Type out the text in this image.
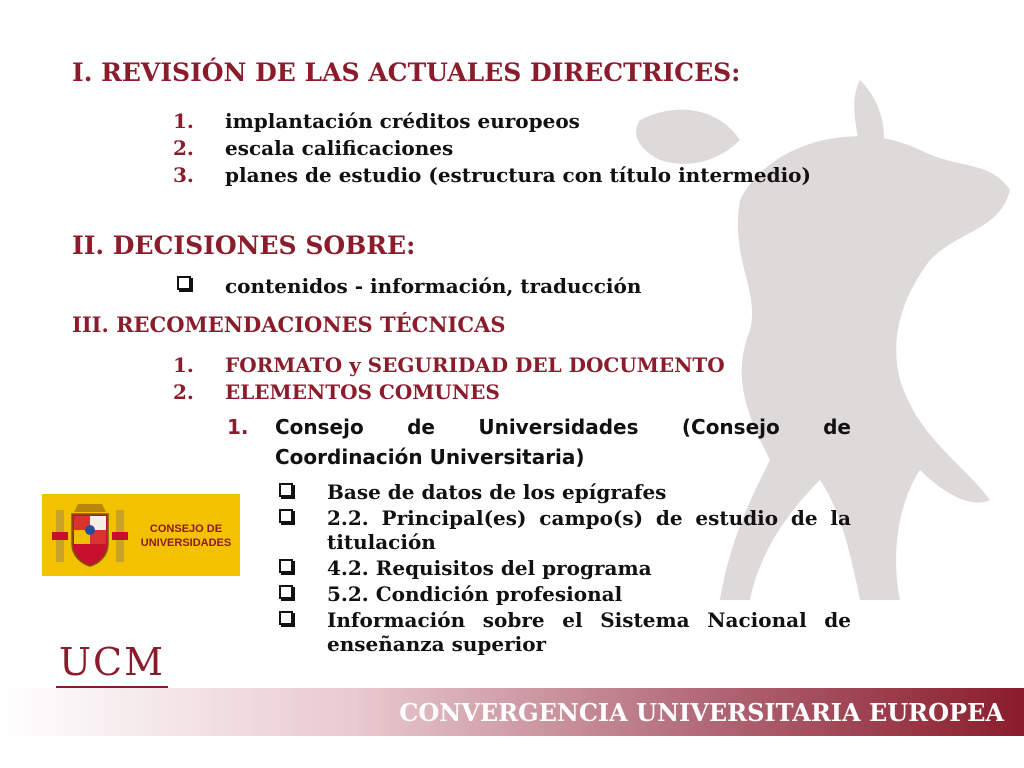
I. REVISIÓN DE LAS ACTUALES DIRECTRICES:
1. implantación créditos europeos
2. escala calificaciones
3. planes de estudio (estructura con título intermedio)
II. DECISIONES SOBRE:
contenidos - información, traducción
III. RECOMENDACIONES TÉCNICAS
1. FORMATO y SEGURIDAD DEL DOCUMENTO
2. ELEMENTOS COMUNES
1. Consejo de Universidades (Consejo de Coordinación Universitaria)
Base de datos de los epígrafes
2.2. Principal(es) campo(s) de estudio de la titulación
4.2. Requisitos del programa
5.2. Condición profesional
Información sobre el Sistema Nacional de enseñanza superior
CONSEJO DE UNIVERSIDADES
UCM
CONVERGENCIA UNIVERSITARIA EUROPEA
